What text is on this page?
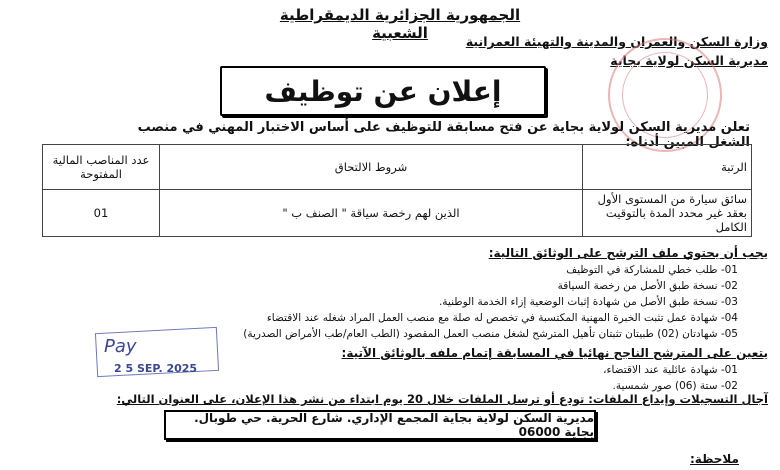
الجمهورية الجزائرية الديمقراطية الشعبية	وزارة السكن والعمران والمدينة والتهيئة العمرانية
مديرية السكن لولاية بجاية
إعلان عن توظيف
تعلن مديرية السكن لولاية بجاية عن فتح مسابقة للتوظيف على أساس الاختبار المهني في منصب الشغل المبين أدناه:
الرتبة	شروط الالتحاق	عدد المناصب المالية المفتوحة
سائق سيارة من المستوى الأول بعقد غير محدد المدة بالتوقيت الكامل	الذين لهم رخصة سياقة " الصنف ب "	01
يجب أن يحتوي ملف الترشح على الوثائق التالية:
01- طلب خطي للمشاركة في التوظيف
02- نسخة طبق الأصل من رخصة السياقة
03- نسخة طبق الأصل من شهادة إثبات الوضعية إزاء الخدمة الوطنية.
04- شهادة عمل تثبت الخبرة المهنية المكتسبة في تخصص له صلة مع منصب العمل المراد شغله عند الاقتضاء
05- شهادتان (02) طبيتان تثبتان تأهيل المترشح لشغل منصب العمل المقصود (الطب العام/طب الأمراض الصدرية)
يتعين على المترشح الناجح نهائيا في المسابقة إتمام ملفه بالوثائق الآتية:
01- شهادة عائلية عند الاقتضاء،
02- ستة (06) صور شمسية.
آجال التسجيلات وإيداع الملفات: تودع أو ترسل الملفات خلال 20 يوم ابتداء من نشر هذا الإعلان، على العنوان التالي:
Pay
2 5 SEP. 2025
مديرية السكن لولاية بجاية المجمع الإداري. شارع الحرية. حي طوبال. بجاية 06000
ملاحظة:
